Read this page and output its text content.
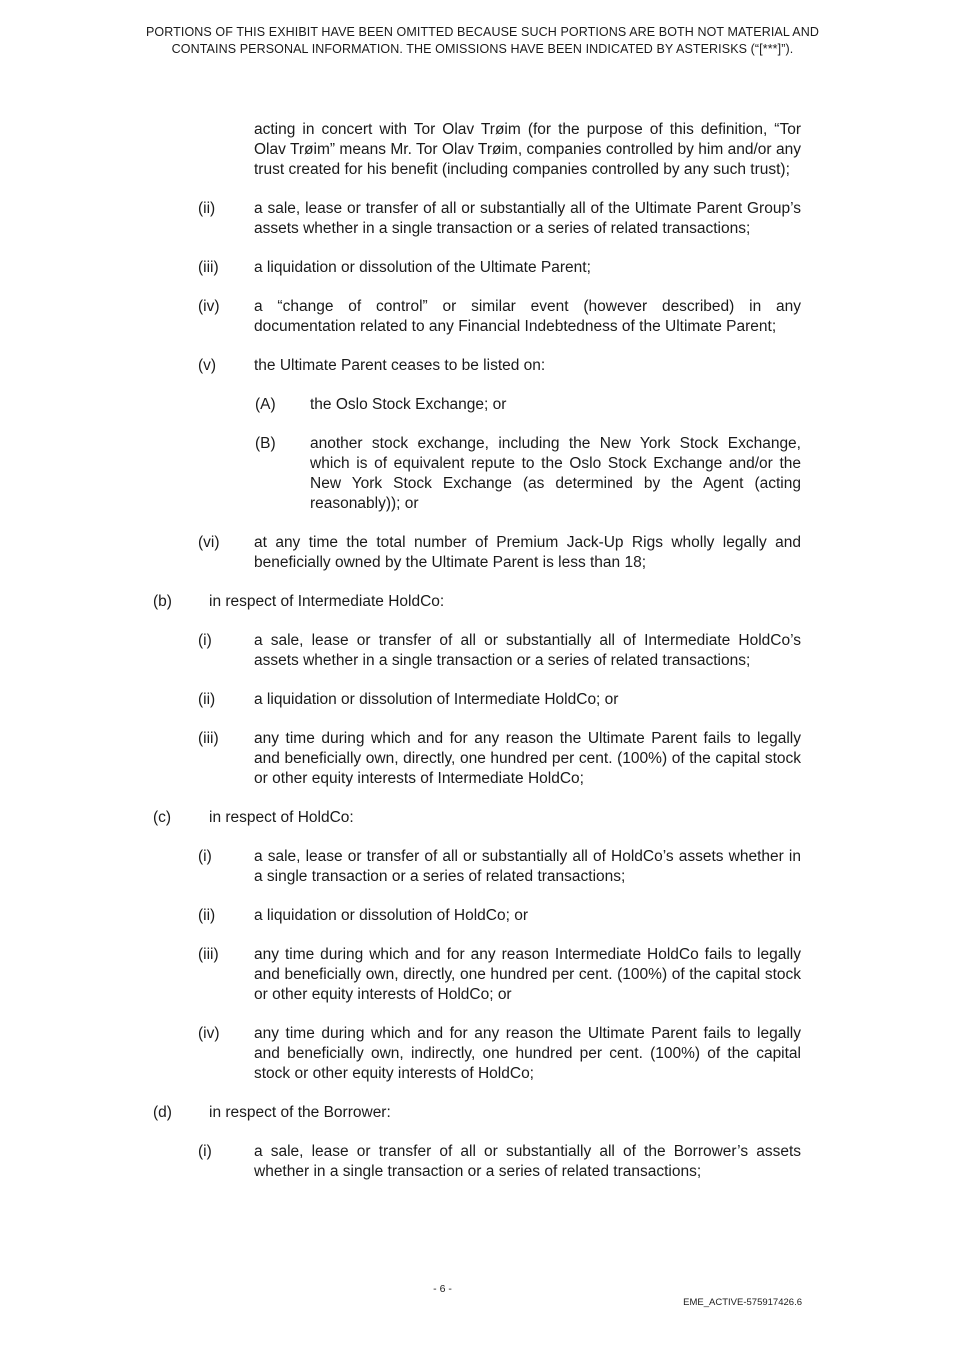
PORTIONS OF THIS EXHIBIT HAVE BEEN OMITTED BECAUSE SUCH PORTIONS ARE BOTH NOT MATERIAL AND
CONTAINS PERSONAL INFORMATION. THE OMISSIONS HAVE BEEN INDICATED BY ASTERISKS (“[***]”).
acting in concert with Tor Olav Trøim (for the purpose of this definition, “Tor Olav Trøim” means Mr. Tor Olav Trøim, companies controlled by him and/or any trust created for his benefit (including companies controlled by any such trust);
(ii)	a sale, lease or transfer of all or substantially all of the Ultimate Parent Group’s assets whether in a single transaction or a series of related transactions;
(iii) a liquidation or dissolution of the Ultimate Parent;
(iv) a “change of control” or similar event (however described) in any documentation related to any Financial Indebtedness of the Ultimate Parent;
(v) the Ultimate Parent ceases to be listed on:
(A) the Oslo Stock Exchange; or
(B) another stock exchange, including the New York Stock Exchange, which is of equivalent repute to the Oslo Stock Exchange and/or the New York Stock Exchange (as determined by the Agent (acting reasonably)); or
(vi) at any time the total number of Premium Jack-Up Rigs wholly legally and beneficially owned by the Ultimate Parent is less than 18;
(b) in respect of Intermediate HoldCo:
(i)	a sale, lease or transfer of all or substantially all of Intermediate HoldCo’s assets whether in a single transaction or a series of related transactions;
(ii)	a liquidation or dissolution of Intermediate HoldCo; or
(iii) any time during which and for any reason the Ultimate Parent fails to legally and beneficially own, directly, one hundred per cent. (100%) of the capital stock or other equity interests of Intermediate HoldCo;
(c) in respect of HoldCo:
(i)	a sale, lease or transfer of all or substantially all of HoldCo’s assets whether in a single transaction or a series of related transactions;
(ii)	a liquidation or dissolution of HoldCo; or
(iii) any time during which and for any reason Intermediate HoldCo fails to legally and beneficially own, directly, one hundred per cent. (100%) of the capital stock or other equity interests of HoldCo; or
(iv) any time during which and for any reason the Ultimate Parent fails to legally and beneficially own, indirectly, one hundred per cent. (100%) of the capital stock or other equity interests of HoldCo;
(d) in respect of the Borrower:
(i)	a sale, lease or transfer of all or substantially all of the Borrower’s assets whether in a single transaction or a series of related transactions;
- 6 -
EME_ACTIVE-575917426.6
